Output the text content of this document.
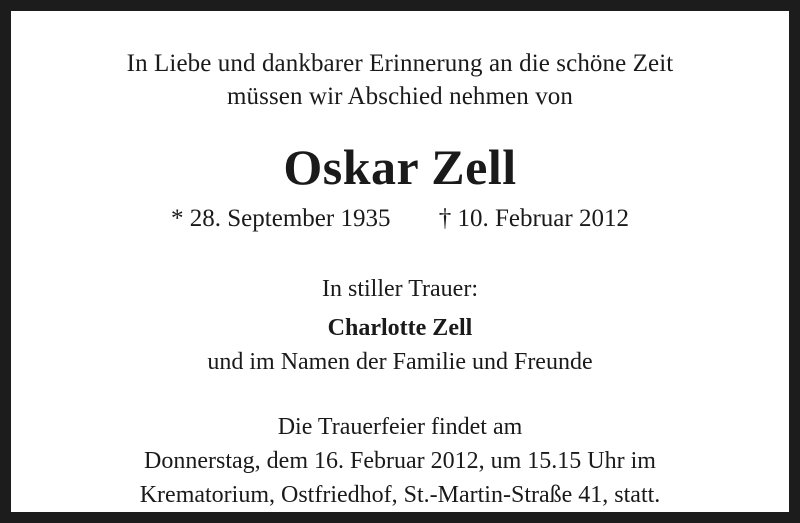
In Liebe und dankbarer Erinnerung an die schöne Zeit
müssen wir Abschied nehmen von

Oskar Zell

* 28. September 1935 † 10. Februar 2012

In stiller Trauer:

Charlotte Zell

und im Namen der Familie und Freunde

Die Trauerfeier findet am
Donnerstag, dem 16. Februar 2012, um 15.15 Uhr im
Krematorium, Ostfriedhof, St.-Martin-Straße 41, statt.
